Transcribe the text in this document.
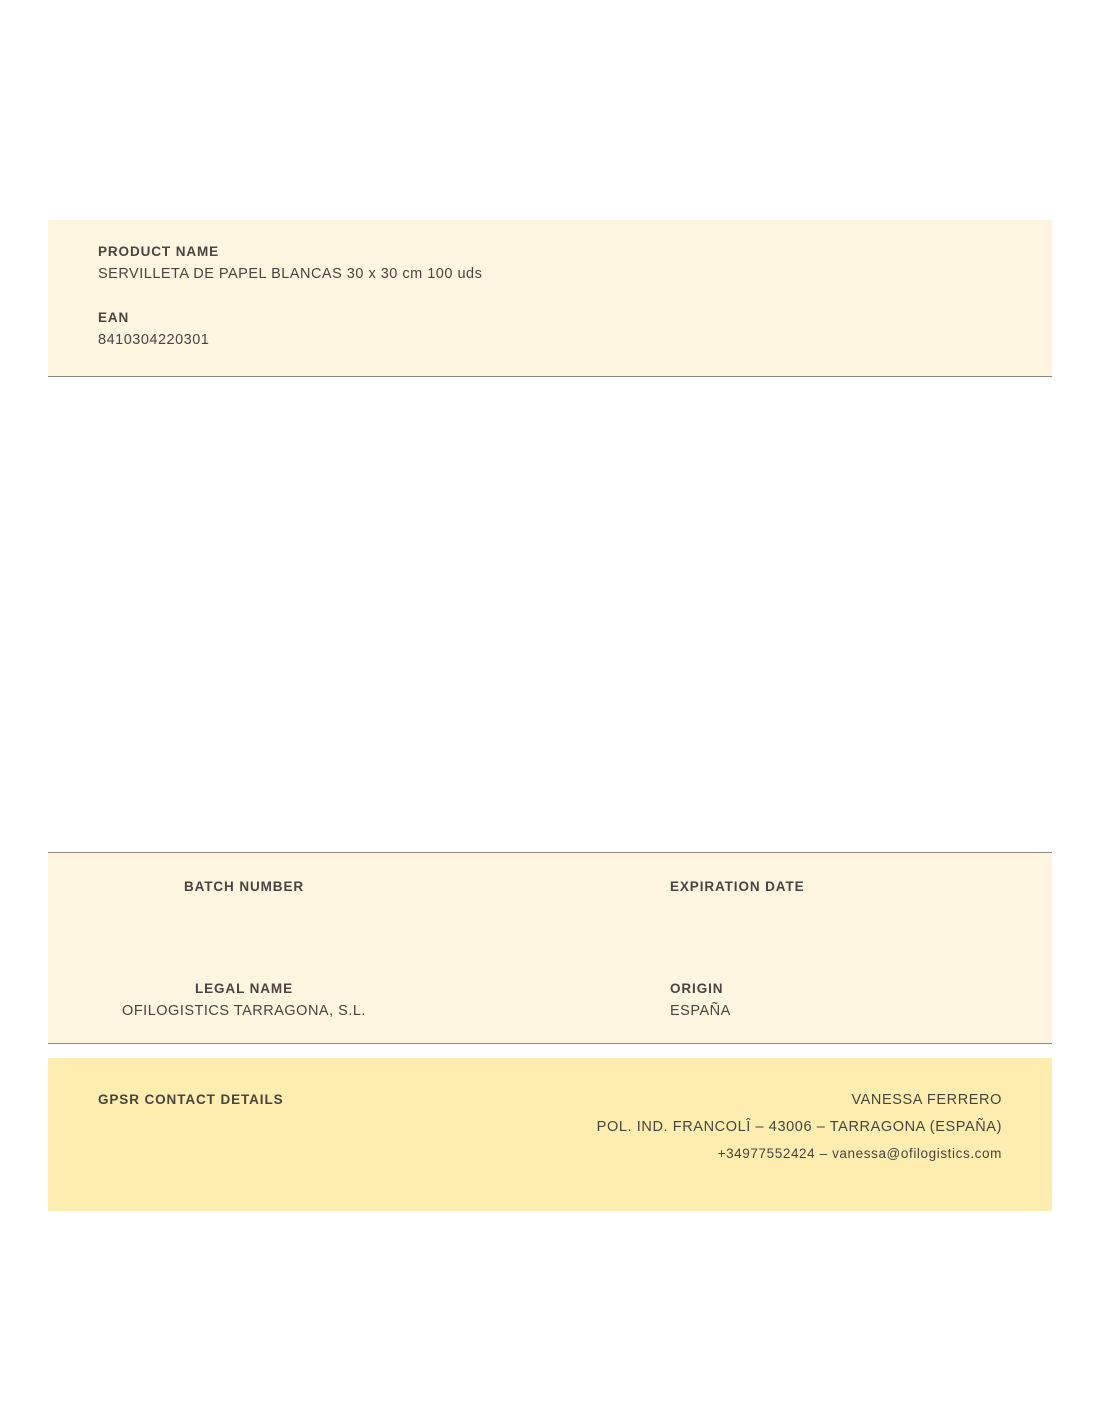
PRODUCT NAME
SERVILLETA DE PAPEL BLANCAS 30 x 30 cm 100 uds
EAN
8410304220301
BATCH NUMBER	EXPIRATION DATE
LEGAL NAME
OFILOGISTICS TARRAGONA, S.L.
ORIGIN
ESPAÑA
GPSR CONTACT DETAILS	VANESSA FERRERO
POL. IND. FRANCOLÎ – 43006 – TARRAGONA (ESPAÑA)
+34977552424 – vanessa@ofilogistics.com
